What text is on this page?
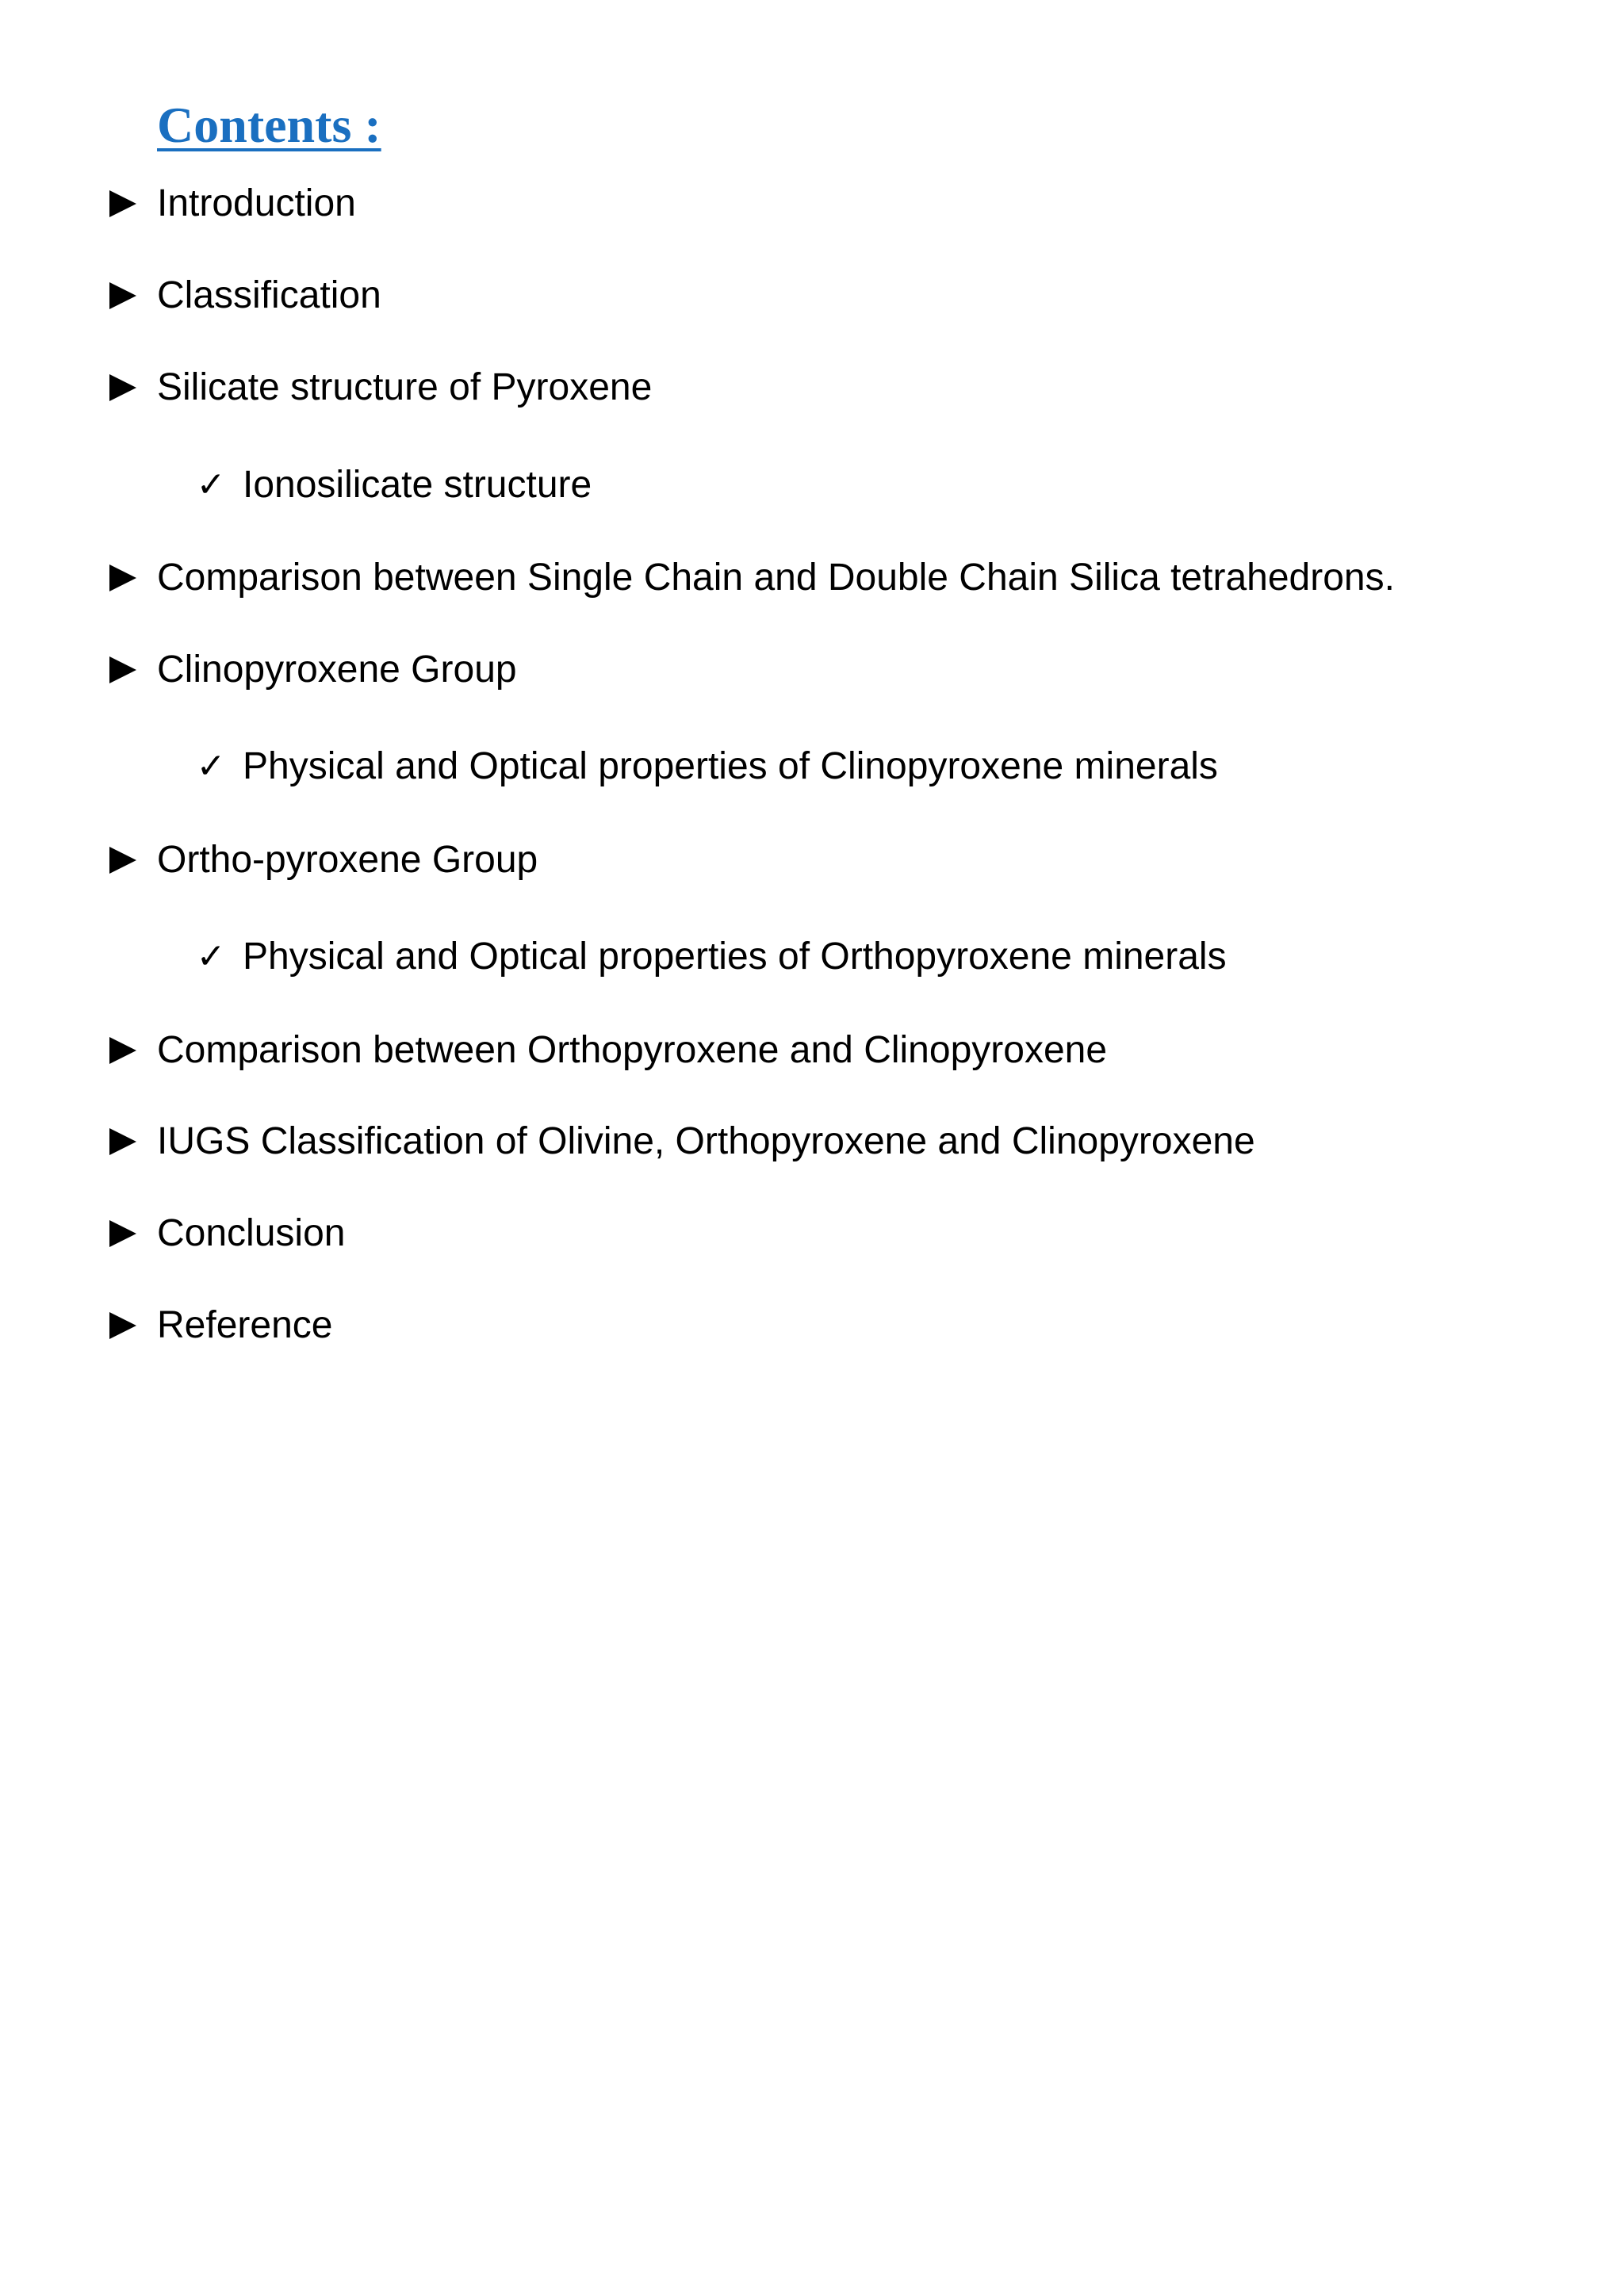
Contents :
Introduction
Classification
Silicate structure of Pyroxene
✓ Ionosilicate structure
Comparison between Single Chain and Double Chain Silica tetrahedrons.
Clinopyroxene Group
✓ Physical and Optical properties of Clinopyroxene minerals
Ortho-pyroxene Group
✓ Physical and Optical properties of Orthopyroxene minerals
Comparison between Orthopyroxene and Clinopyroxene
IUGS Classification of Olivine, Orthopyroxene and Clinopyroxene
Conclusion
Reference
